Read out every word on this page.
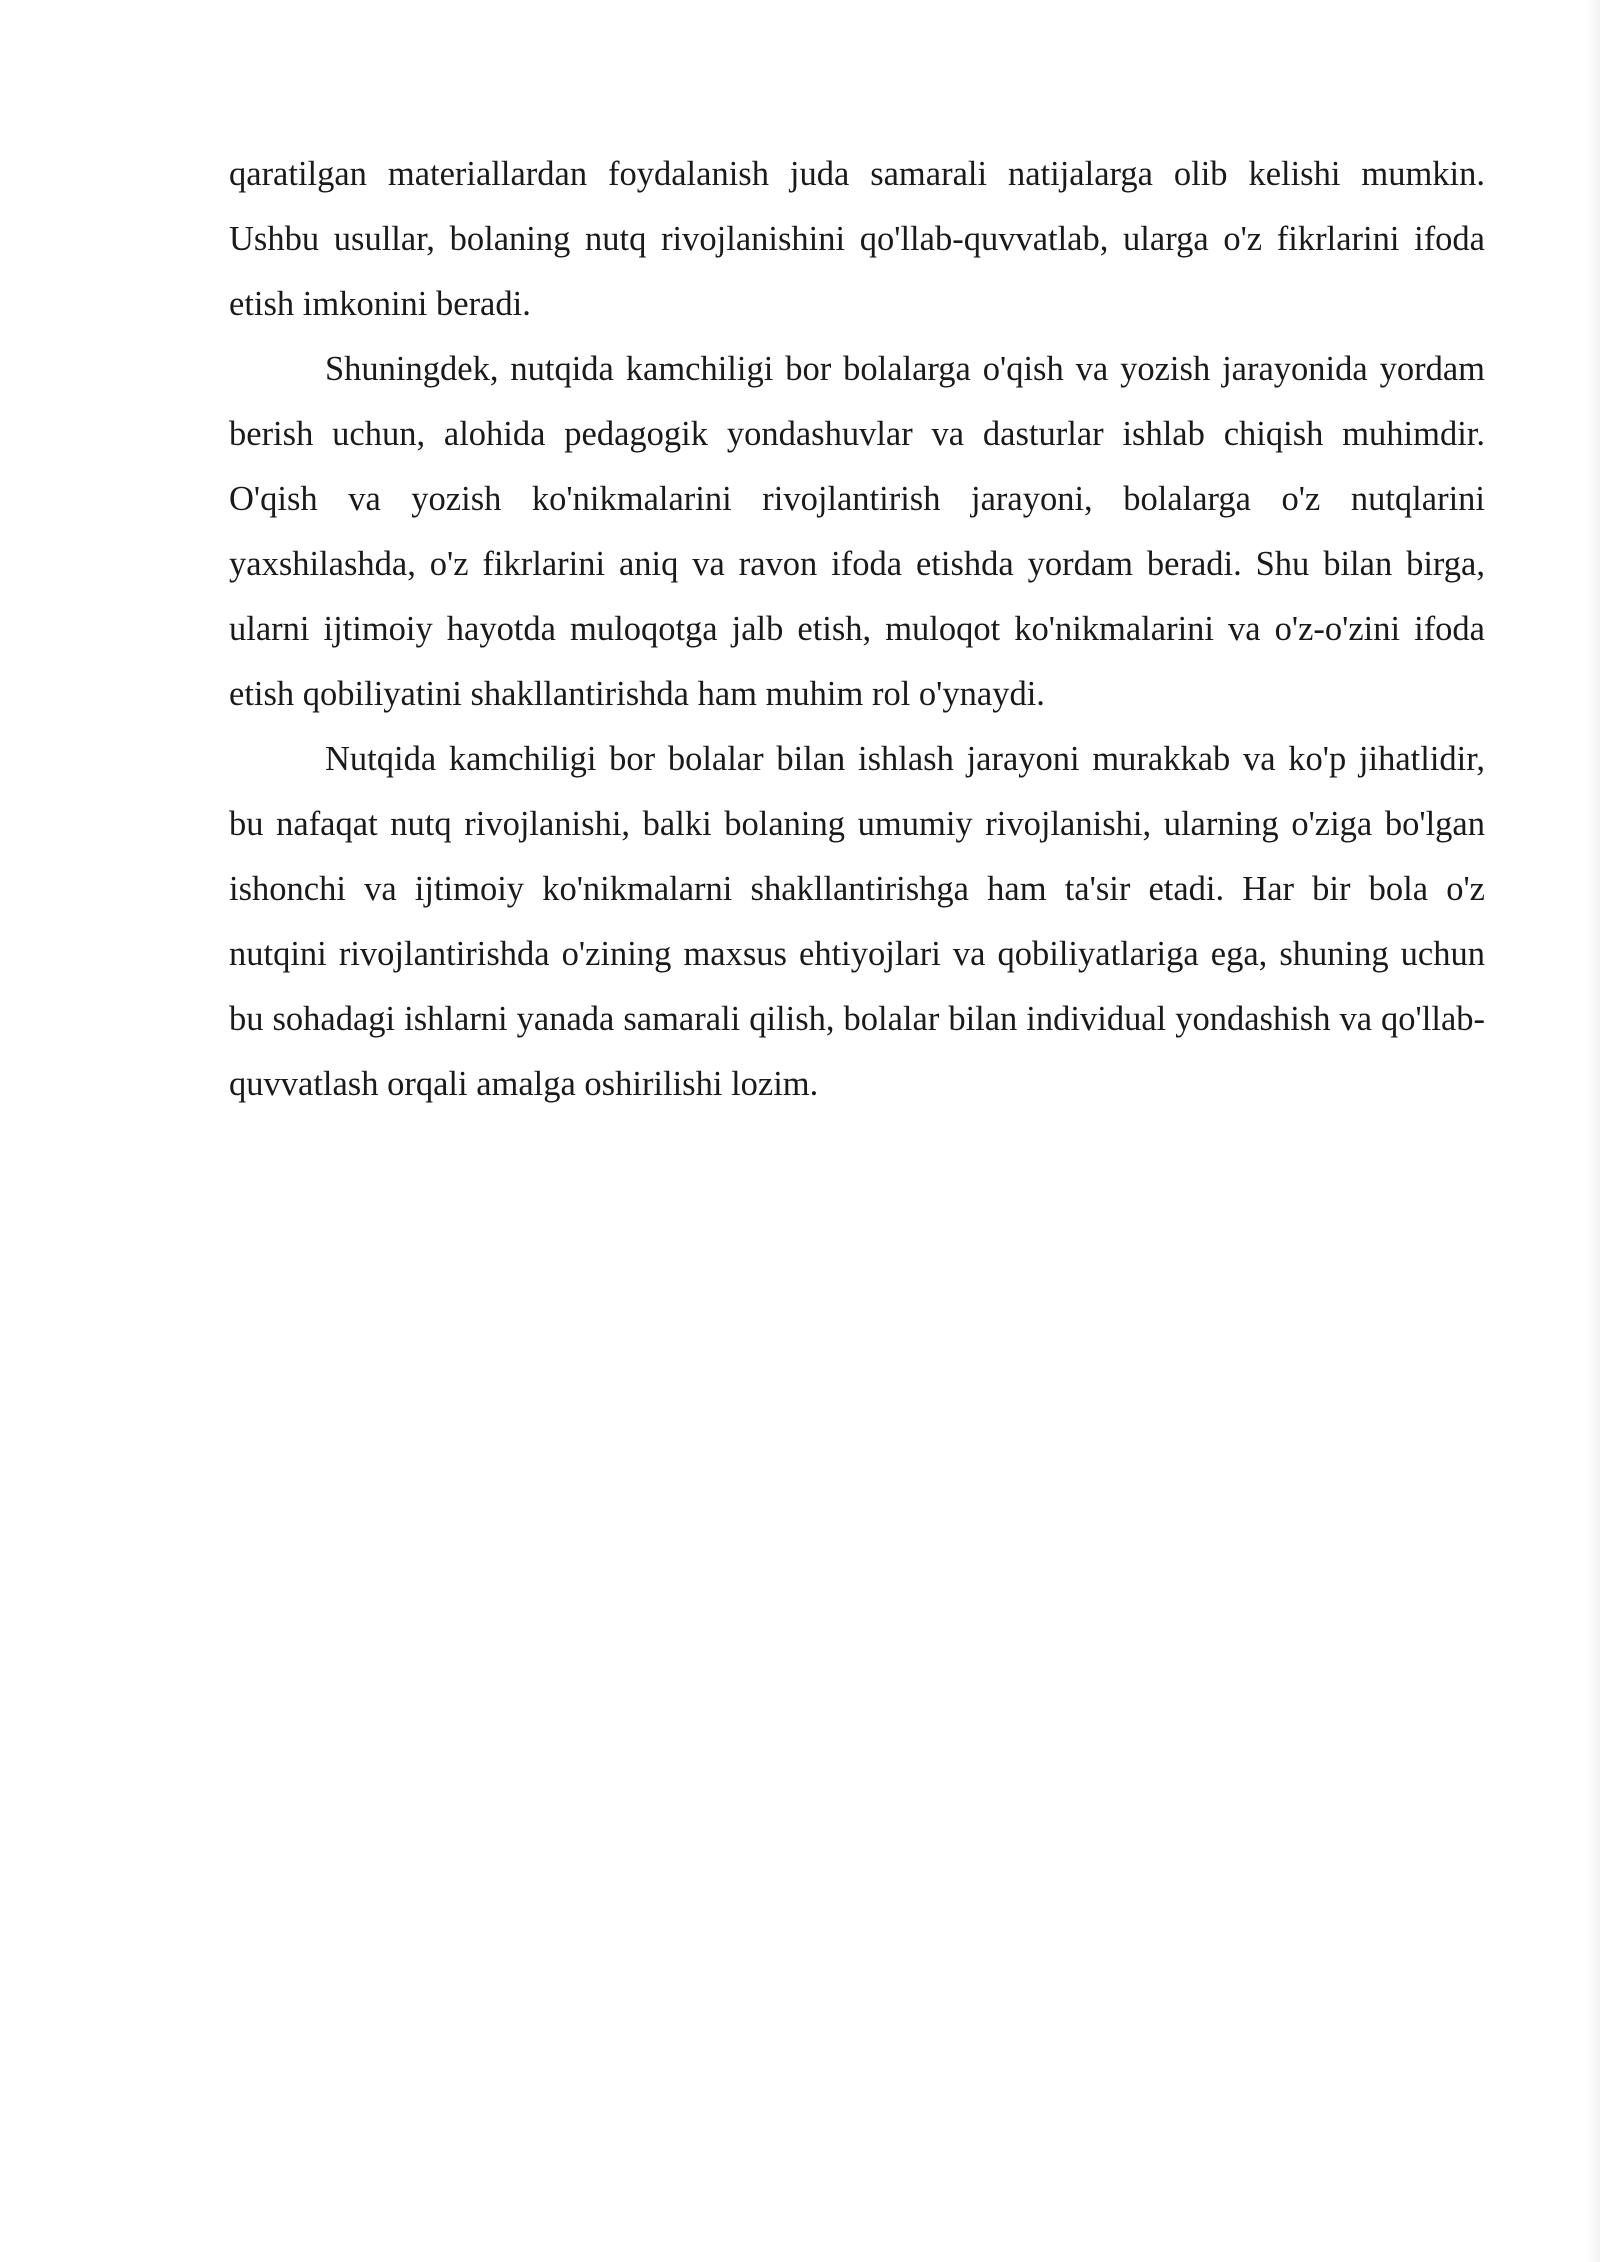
qaratilgan materiallardan foydalanish juda samarali natijalarga olib kelishi mumkin. Ushbu usullar, bolaning nutq rivojlanishini qo'llab-quvvatlab, ularga o'z fikrlarini ifoda etish imkonini beradi.

Shuningdek, nutqida kamchiligi bor bolalarga o'qish va yozish jarayonida yordam berish uchun, alohida pedagogik yondashuvlar va dasturlar ishlab chiqish muhimdir. O'qish va yozish ko'nikmalarini rivojlantirish jarayoni, bolalarga o'z nutqlarini yaxshilashda, o'z fikrlarini aniq va ravon ifoda etishda yordam beradi. Shu bilan birga, ularni ijtimoiy hayotda muloqotga jalb etish, muloqot ko'nikmalarini va o'z-o'zini ifoda etish qobiliyatini shakllantirishda ham muhim rol o'ynaydi.

Nutqida kamchiligi bor bolalar bilan ishlash jarayoni murakkab va ko'p jihatlidir, bu nafaqat nutq rivojlanishi, balki bolaning umumiy rivojlanishi, ularning o'ziga bo'lgan ishonchi va ijtimoiy ko'nikmalarni shakllantirishga ham ta'sir etadi. Har bir bola o'z nutqini rivojlantirishda o'zining maxsus ehtiyojlari va qobiliyatlariga ega, shuning uchun bu sohadagi ishlarni yanada samarali qilish, bolalar bilan individual yondashish va qo'llab-quvvatlash orqali amalga oshirilishi lozim.
